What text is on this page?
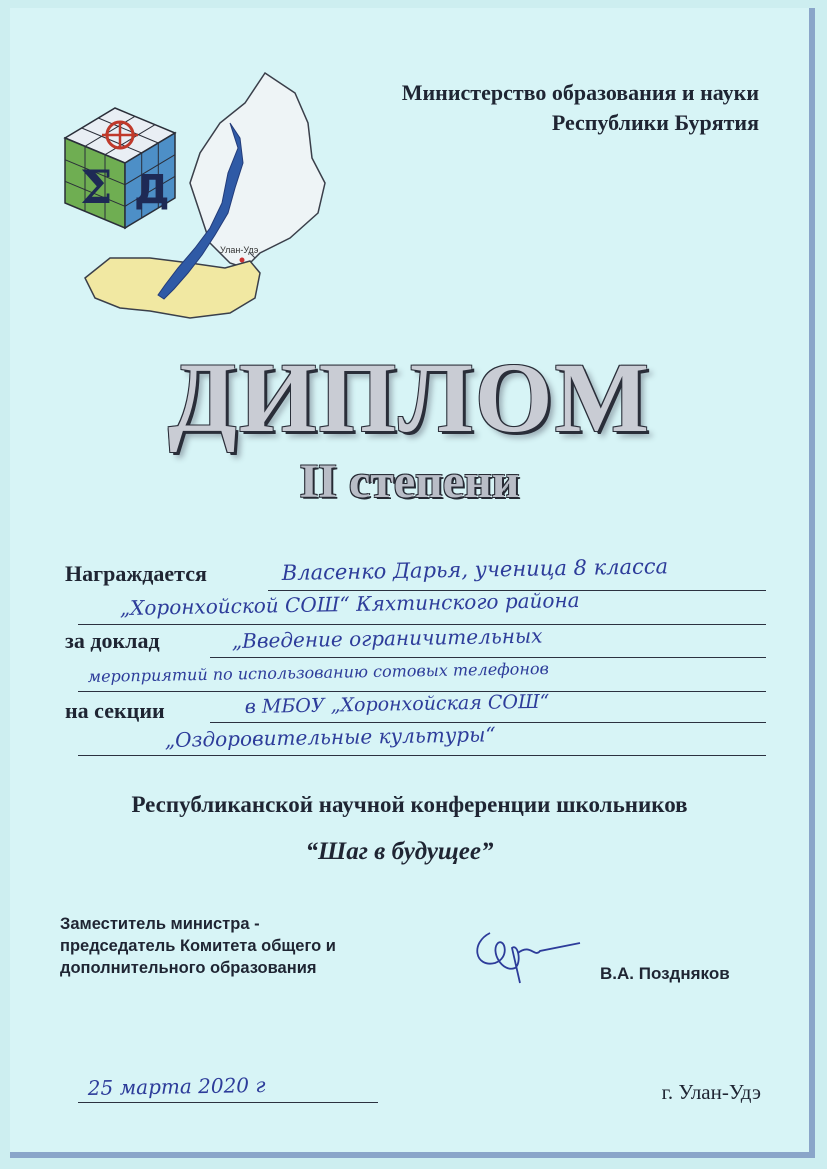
Улан-Удэ
Σ Д
Министерство образования и науки
Республики Бурятия
ДИПЛОМ
II степени
Награждается	Власенко Дарья, ученица 8 класса
„Хоронхойской СОШ“ Кяхтинского района
за доклад	„Введение ограничительных
мероприятий по использованию сотовых телефонов
на секции	в МБОУ „Хоронхойская СОШ“
„Оздоровительные культуры“
Республиканской научной конференции школьников
“Шаг в будущее”
Заместитель министра -
председатель Комитета общего и
дополнительного образования	В.А. Поздняков
25 марта 2020 г	г. Улан-Удэ
